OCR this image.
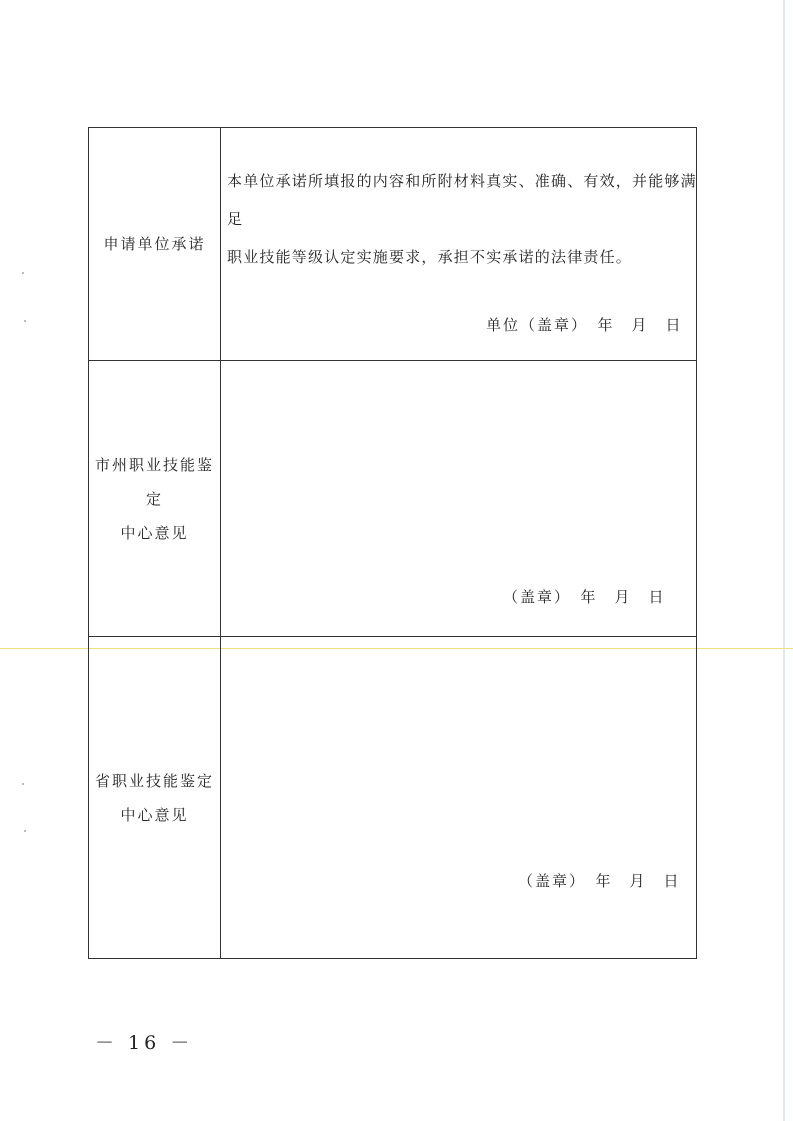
申请单位承诺
本单位承诺所填报的内容和所附材料真实、准确、有效，并能够满足
职业技能等级认定实施要求，承担不实承诺的法律责任。
单位（盖章）　年　月　日
市州职业技能鉴定
中心意见
（盖章）　年　月　日
省职业技能鉴定
中心意见
（盖章）　年　月　日
－ 16 －
